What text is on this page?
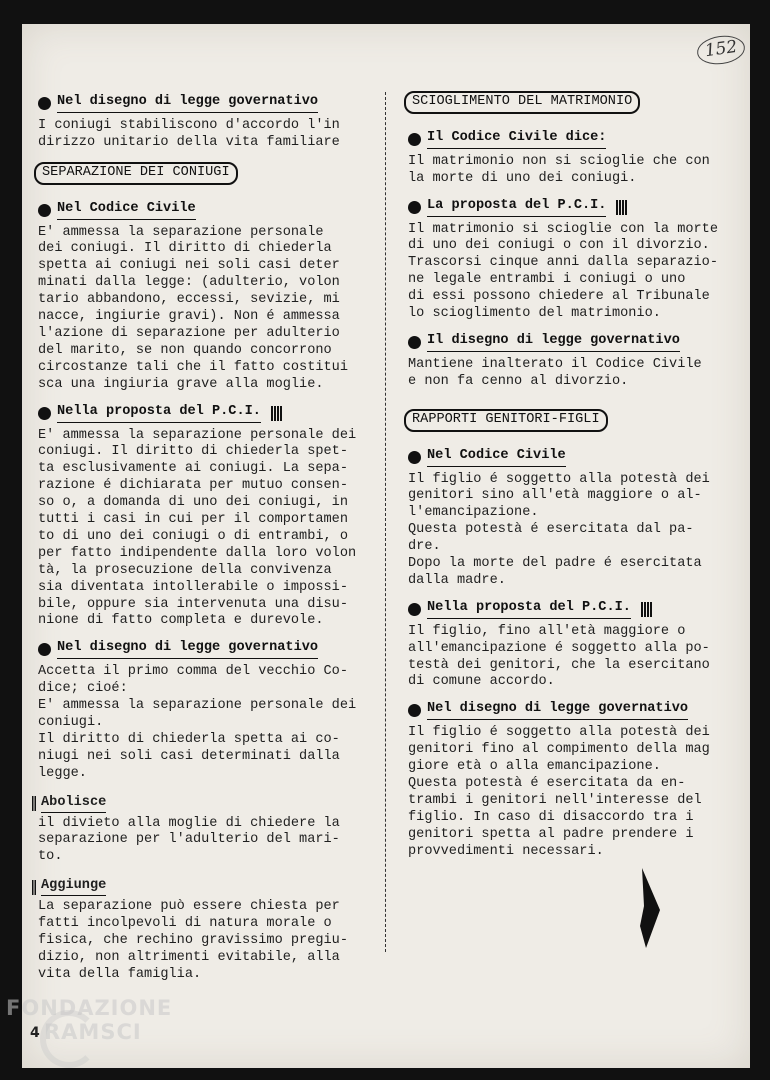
152
Nel disegno di legge governativo

I coniugi stabiliscono d'accordo l'in
dirizzo unitario della vita familiare

SEPARAZIONE DEI CONIUGI
Nel Codice Civile

E' ammessa la separazione personale
dei coniugi. Il diritto di chiederla
spetta ai coniugi nei soli casi deter
minati dalla legge: (adulterio, volon
tario abbandono, eccessi, sevizie, mi
nacce, ingiurie gravi). Non é ammessa
l'azione di separazione per adulterio
del marito, se non quando concorrono
circostanze tali che il fatto costitui
sca una ingiuria grave alla moglie.

Nella proposta del P.C.I.

E' ammessa la separazione personale dei
coniugi. Il diritto di chiederla spet-
ta esclusivamente ai coniugi. La sepa-
razione é dichiarata per mutuo consen-
so o, a domanda di uno dei coniugi, in
tutti i casi in cui per il comportamen
to di uno dei coniugi o di entrambi, o
per fatto indipendente dalla loro volon
tà, la prosecuzione della convivenza
sia diventata intollerabile o impossi-
bile, oppure sia intervenuta una disu-
nione di fatto completa e durevole.

Nel disegno di legge governativo

Accetta il primo comma del vecchio Co-
dice; cioé:
E' ammessa la separazione personale dei
coniugi.
Il diritto di chiederla spetta ai co-
niugi nei soli casi determinati dalla
legge.

Abolisce

il divieto alla moglie di chiedere la
separazione per l'adulterio del mari-
to.

Aggiunge

La separazione può essere chiesta per
fatti incolpevoli di natura morale o
fisica, che rechino gravissimo pregiu-
dizio, non altrimenti evitabile, alla
vita della famiglia.

SCIOGLIMENTO DEL MATRIMONIO
Il Codice Civile dice:

Il matrimonio non si scioglie che con
la morte di uno dei coniugi.

La proposta del P.C.I.

Il matrimonio si scioglie con la morte
di uno dei coniugi o con il divorzio.
Trascorsi cinque anni dalla separazio-
ne legale entrambi i coniugi o uno
di essi possono chiedere al Tribunale
lo scioglimento del matrimonio.

Il disegno di legge governativo

Mantiene inalterato il Codice Civile
e non fa cenno al divorzio.

RAPPORTI GENITORI-FIGLI
Nel Codice Civile

Il figlio é soggetto alla potestà dei
genitori sino all'età maggiore o al-
l'emancipazione.
Questa potestà é esercitata dal pa-
dre.
Dopo la morte del padre é esercitata
dalla madre.

Nella proposta del P.C.I.

Il figlio, fino all'età maggiore o
all'emancipazione é soggetto alla po-
testà dei genitori, che la esercitano
di comune accordo.

Nel disegno di legge governativo

Il figlio é soggetto alla potestà dei
genitori fino al compimento della mag
giore età o alla emancipazione.
Questa potestà é esercitata da en-
trambi i genitori nell'interesse del
figlio. In caso di disaccordo tra i
genitori spetta al padre prendere i
provvedimenti necessari.

FONDAZIONE
RAMSCI
4
